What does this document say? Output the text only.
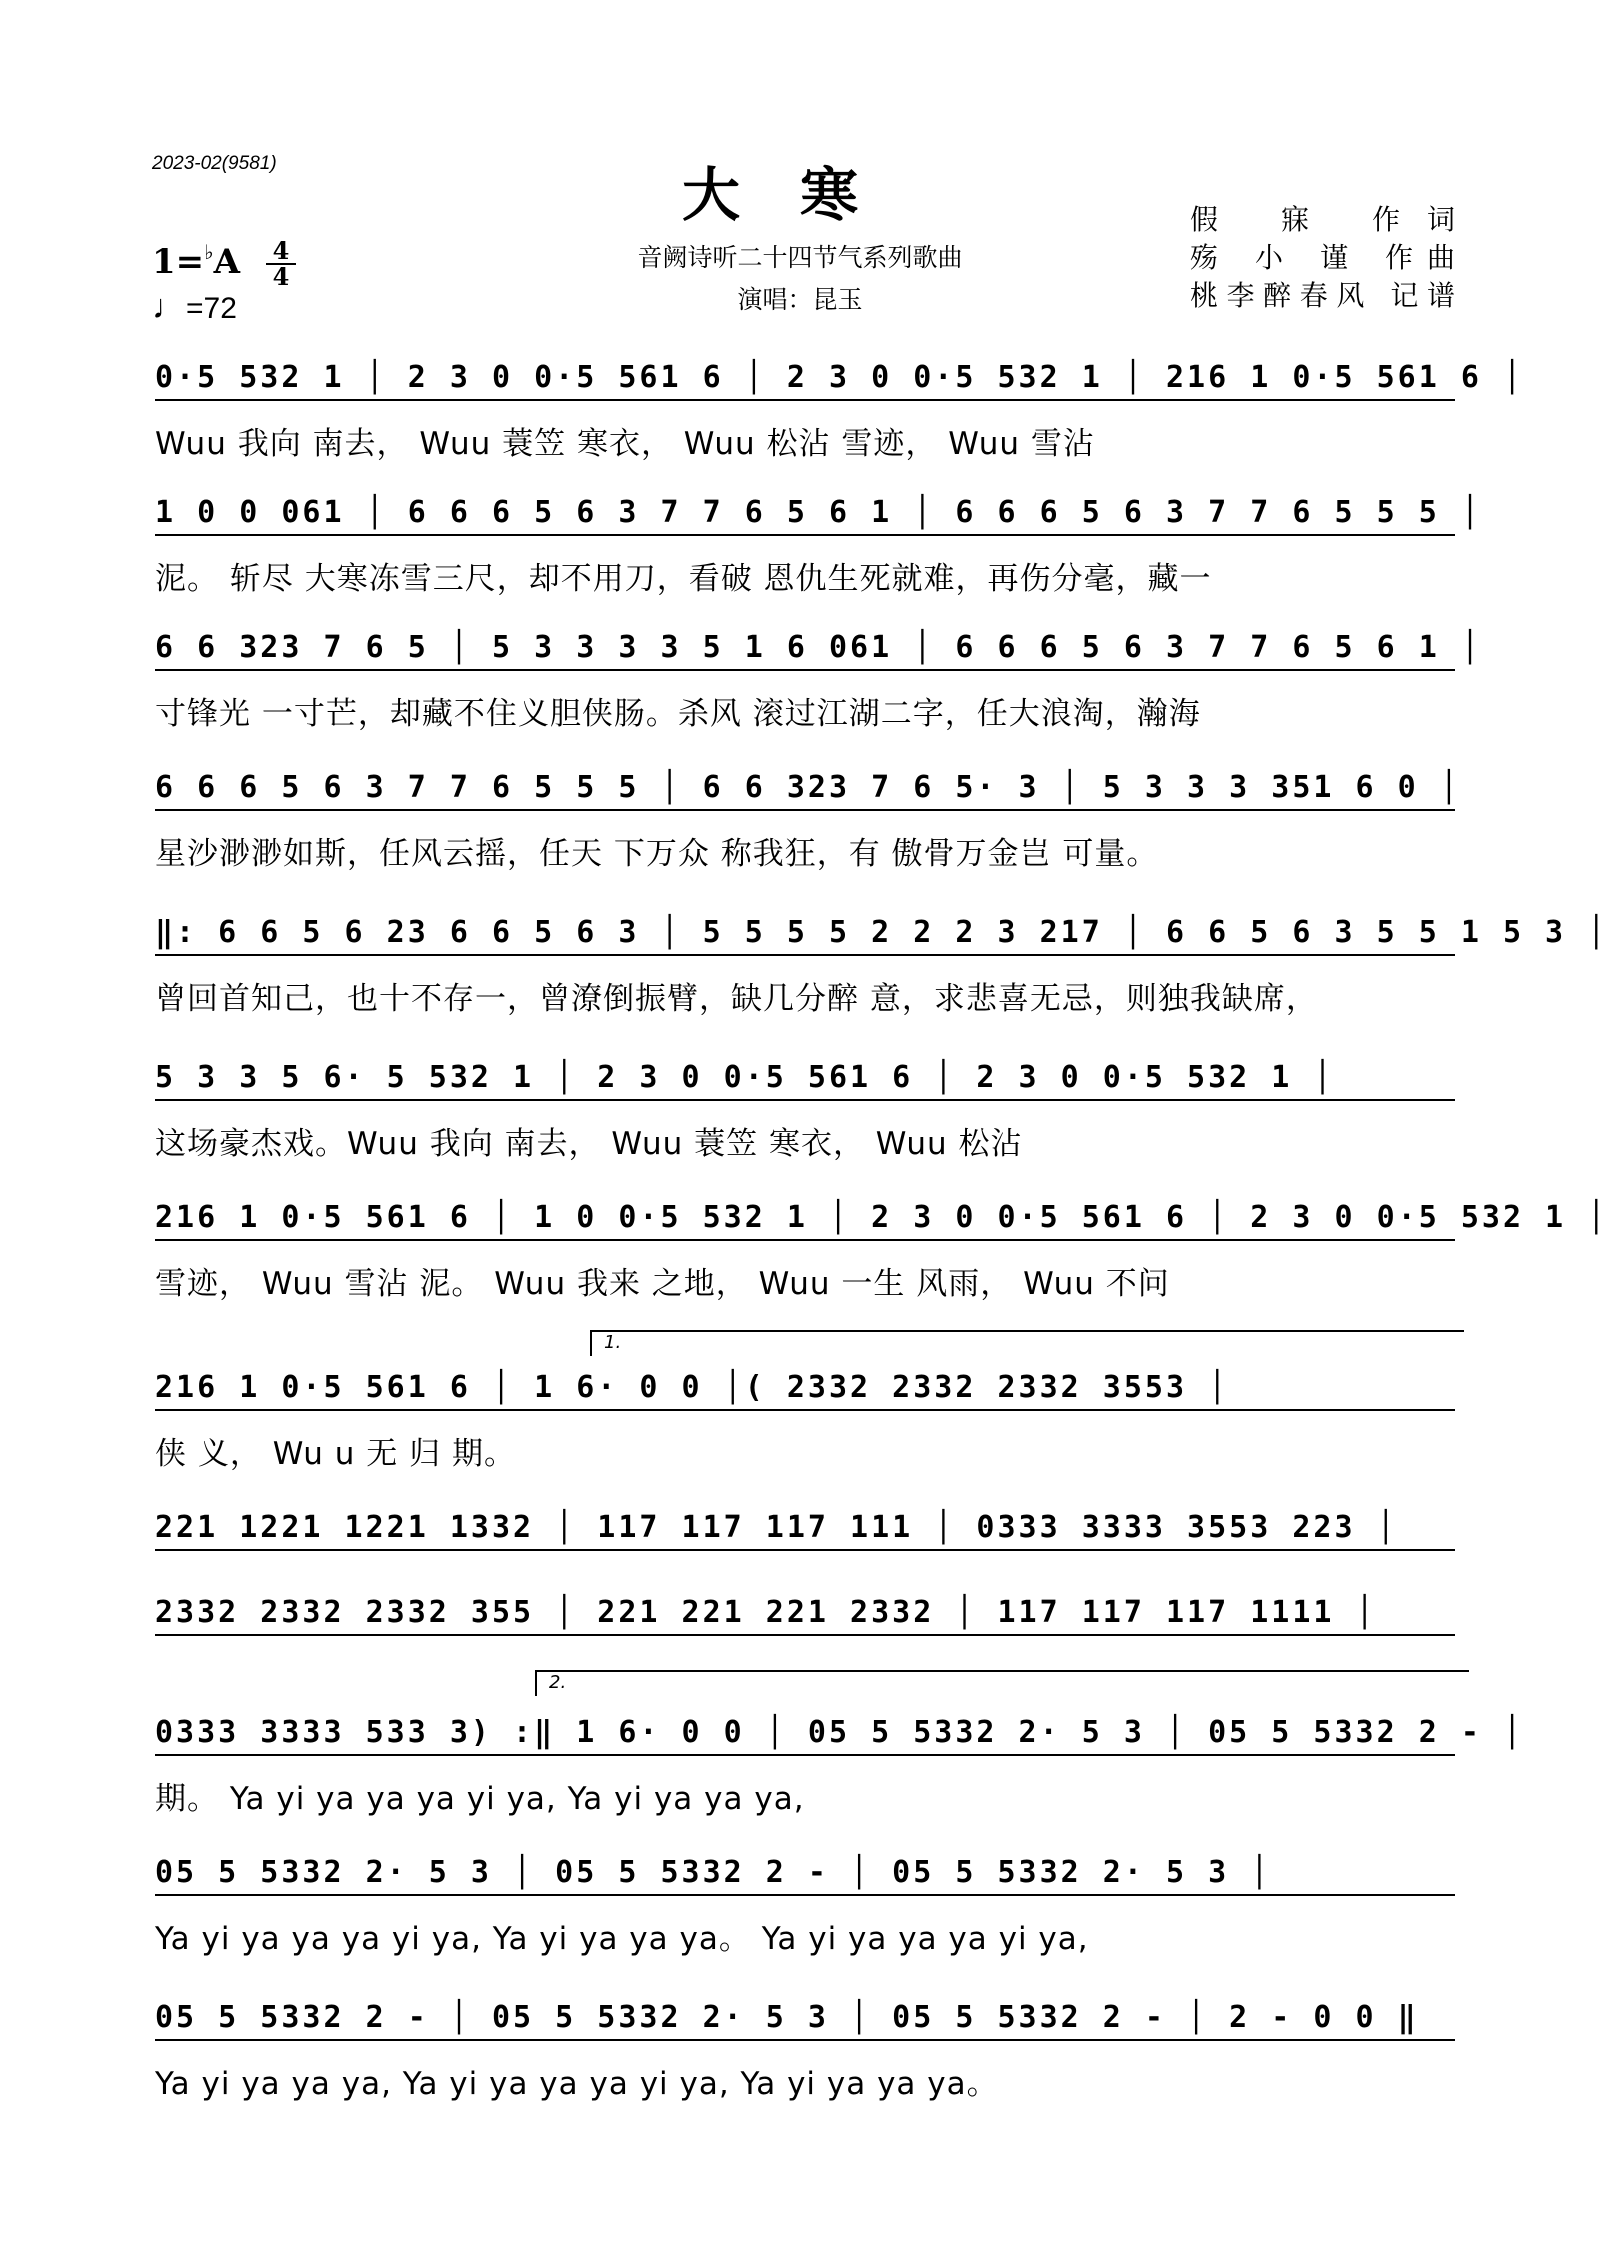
2023-02(9581)	大寒
音阙诗听二十四节气系列歌曲
演唱：昆玉
假 寐 作词
殇 小 谨 作曲
桃李醉春风 记谱
1=♭A 4
4
♩=72
0·5 532 1 │ 2 3 0 0·5 561 6 │ 2 3 0 0·5 532 1 │ 216 1 0·5 561 6 │
Wuu 我向 南去， Wuu 蓑笠 寒衣， Wuu 松沾 雪迹， Wuu 雪沾
1 0 0 061 │ 6 6 6 5 6 3 7 7 6 5 6 1 │ 6 6 6 5 6 3 7 7 6 5 5 5 │
泥。 斩尽 大寒冻雪三尺，却不用刀，看破 恩仇生死就难，再伤分毫，藏一
6 6 323 7 6 5 │ 5 3 3 3 3 5 1 6 061 │ 6 6 6 5 6 3 7 7 6 5 6 1 │
寸锋光 一寸芒，却藏不住义胆侠肠。杀风 滚过江湖二字，任大浪淘，瀚海
6 6 6 5 6 3 7 7 6 5 5 5 │ 6 6 323 7 6 5· 3 │ 5 3 3 3 351 6 0 │
星沙渺渺如斯，任风云摇，任天 下万众 称我狂，有 傲骨万金岂 可量。
‖: 6 6 5 6 23 6 6 5 6 3 │ 5 5 5 5 2 2 2 3 217 │ 6 6 5 6 3 5 5 1 5 3 │
曾回首知己，也十不存一，曾潦倒振臂，缺几分醉 意，求悲喜无忌，则独我缺席，
5 3 3 5 6· 5 532 1 │ 2 3 0 0·5 561 6 │ 2 3 0 0·5 532 1 │
这场豪杰戏。Wuu 我向 南去， Wuu 蓑笠 寒衣， Wuu 松沾
216 1 0·5 561 6 │ 1 0 0·5 532 1 │ 2 3 0 0·5 561 6 │ 2 3 0 0·5 532 1 │
雪迹， Wuu 雪沾 泥。 Wuu 我来 之地， Wuu 一生 风雨， Wuu 不问
216 1 0·5 561 6 │ 1 6· 0 0 │( 2332 2332 2332 3553 │
侠 义， Wu u 无 归 期。
221 1221 1221 1332 │ 117 117 117 111 │ 0333 3333 3553 223 │
2332 2332 2332 355 │ 221 221 221 2332 │ 117 117 117 1111 │
0333 3333 533 3) :‖ 1 6· 0 0 │ 05 5 5332 2· 5 3 │ 05 5 5332 2 - │
期。 Ya yi ya ya ya yi ya, Ya yi ya ya ya,
05 5 5332 2· 5 3 │ 05 5 5332 2 - │ 05 5 5332 2· 5 3 │
Ya yi ya ya ya yi ya, Ya yi ya ya ya。 Ya yi ya ya ya yi ya,
05 5 5332 2 - │ 05 5 5332 2· 5 3 │ 05 5 5332 2 - │ 2 - 0 0 ‖
Ya yi ya ya ya, Ya yi ya ya ya yi ya, Ya yi ya ya ya。
1.
2.
